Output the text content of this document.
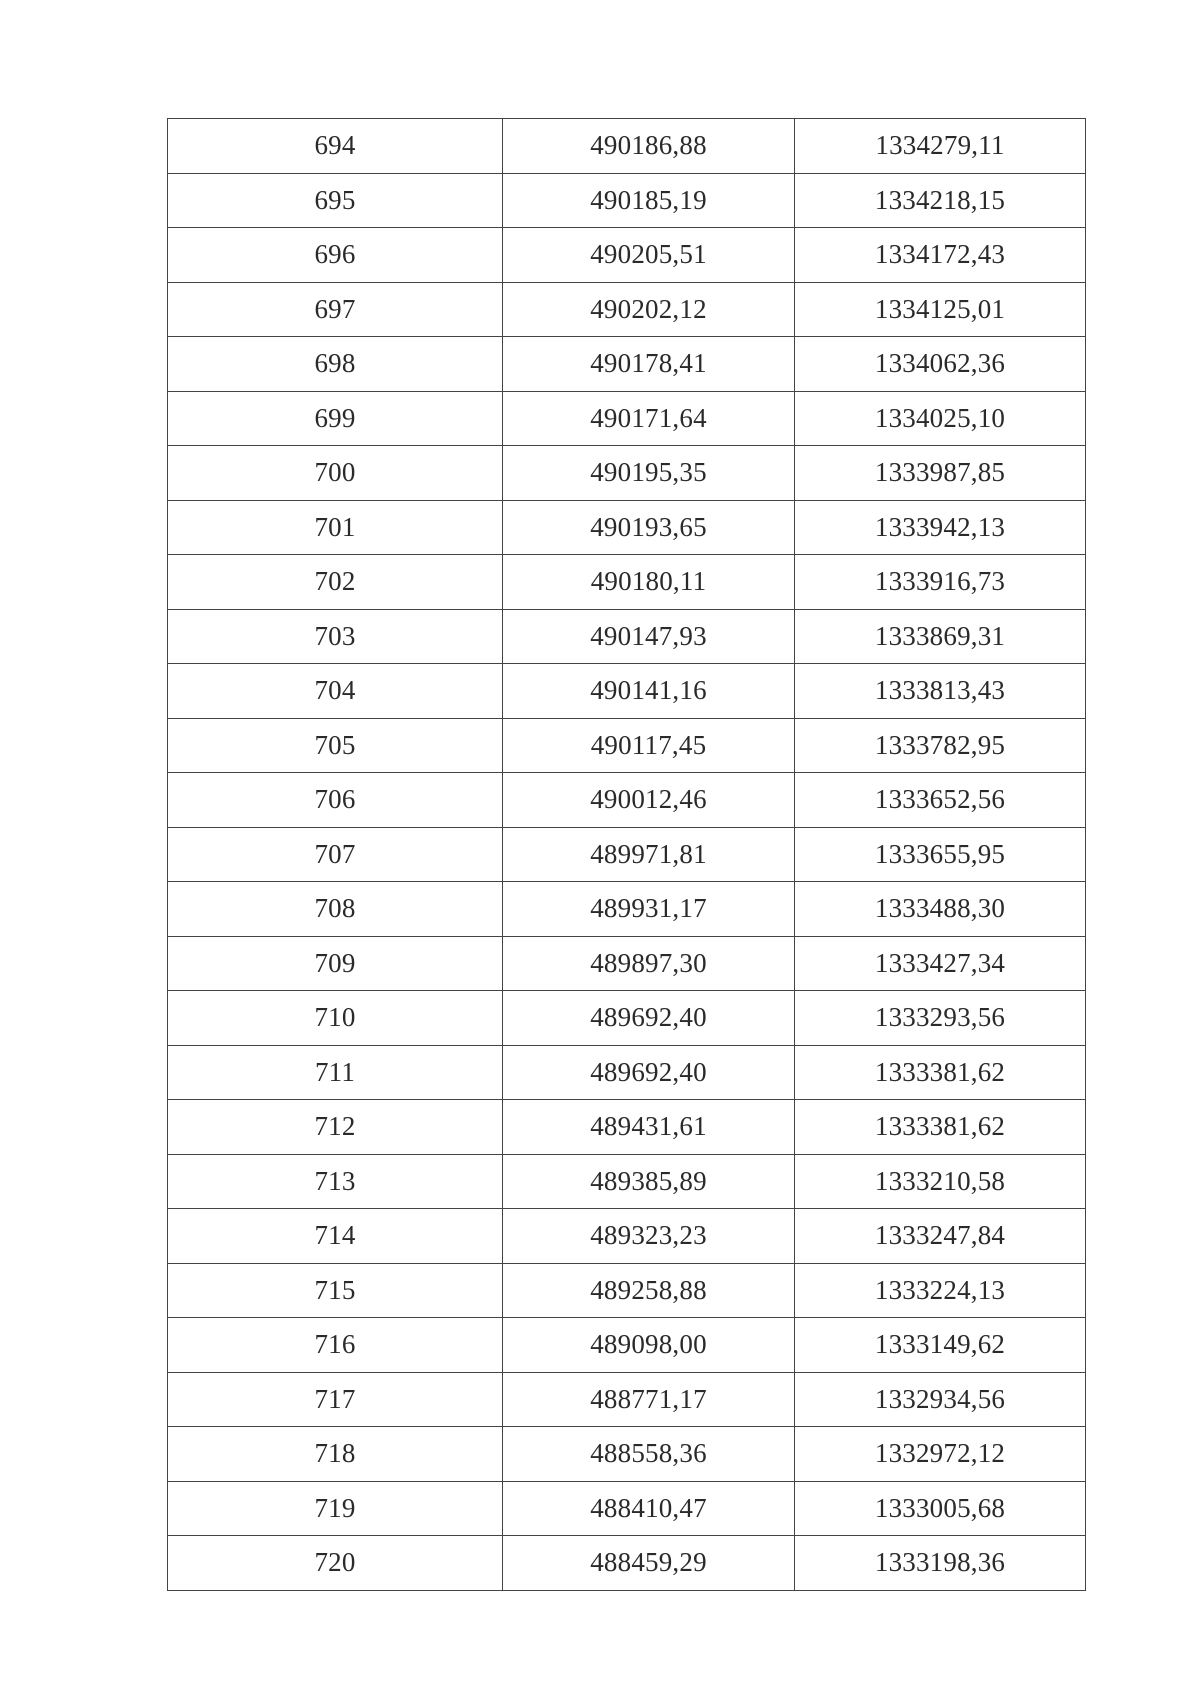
694	490186,88	1334279,11
695	490185,19	1334218,15
696	490205,51	1334172,43
697	490202,12	1334125,01
698	490178,41	1334062,36
699	490171,64	1334025,10
700	490195,35	1333987,85
701	490193,65	1333942,13
702	490180,11	1333916,73
703	490147,93	1333869,31
704	490141,16	1333813,43
705	490117,45	1333782,95
706	490012,46	1333652,56
707	489971,81	1333655,95
708	489931,17	1333488,30
709	489897,30	1333427,34
710	489692,40	1333293,56
711	489692,40	1333381,62
712	489431,61	1333381,62
713	489385,89	1333210,58
714	489323,23	1333247,84
715	489258,88	1333224,13
716	489098,00	1333149,62
717	488771,17	1332934,56
718	488558,36	1332972,12
719	488410,47	1333005,68
720	488459,29	1333198,36
